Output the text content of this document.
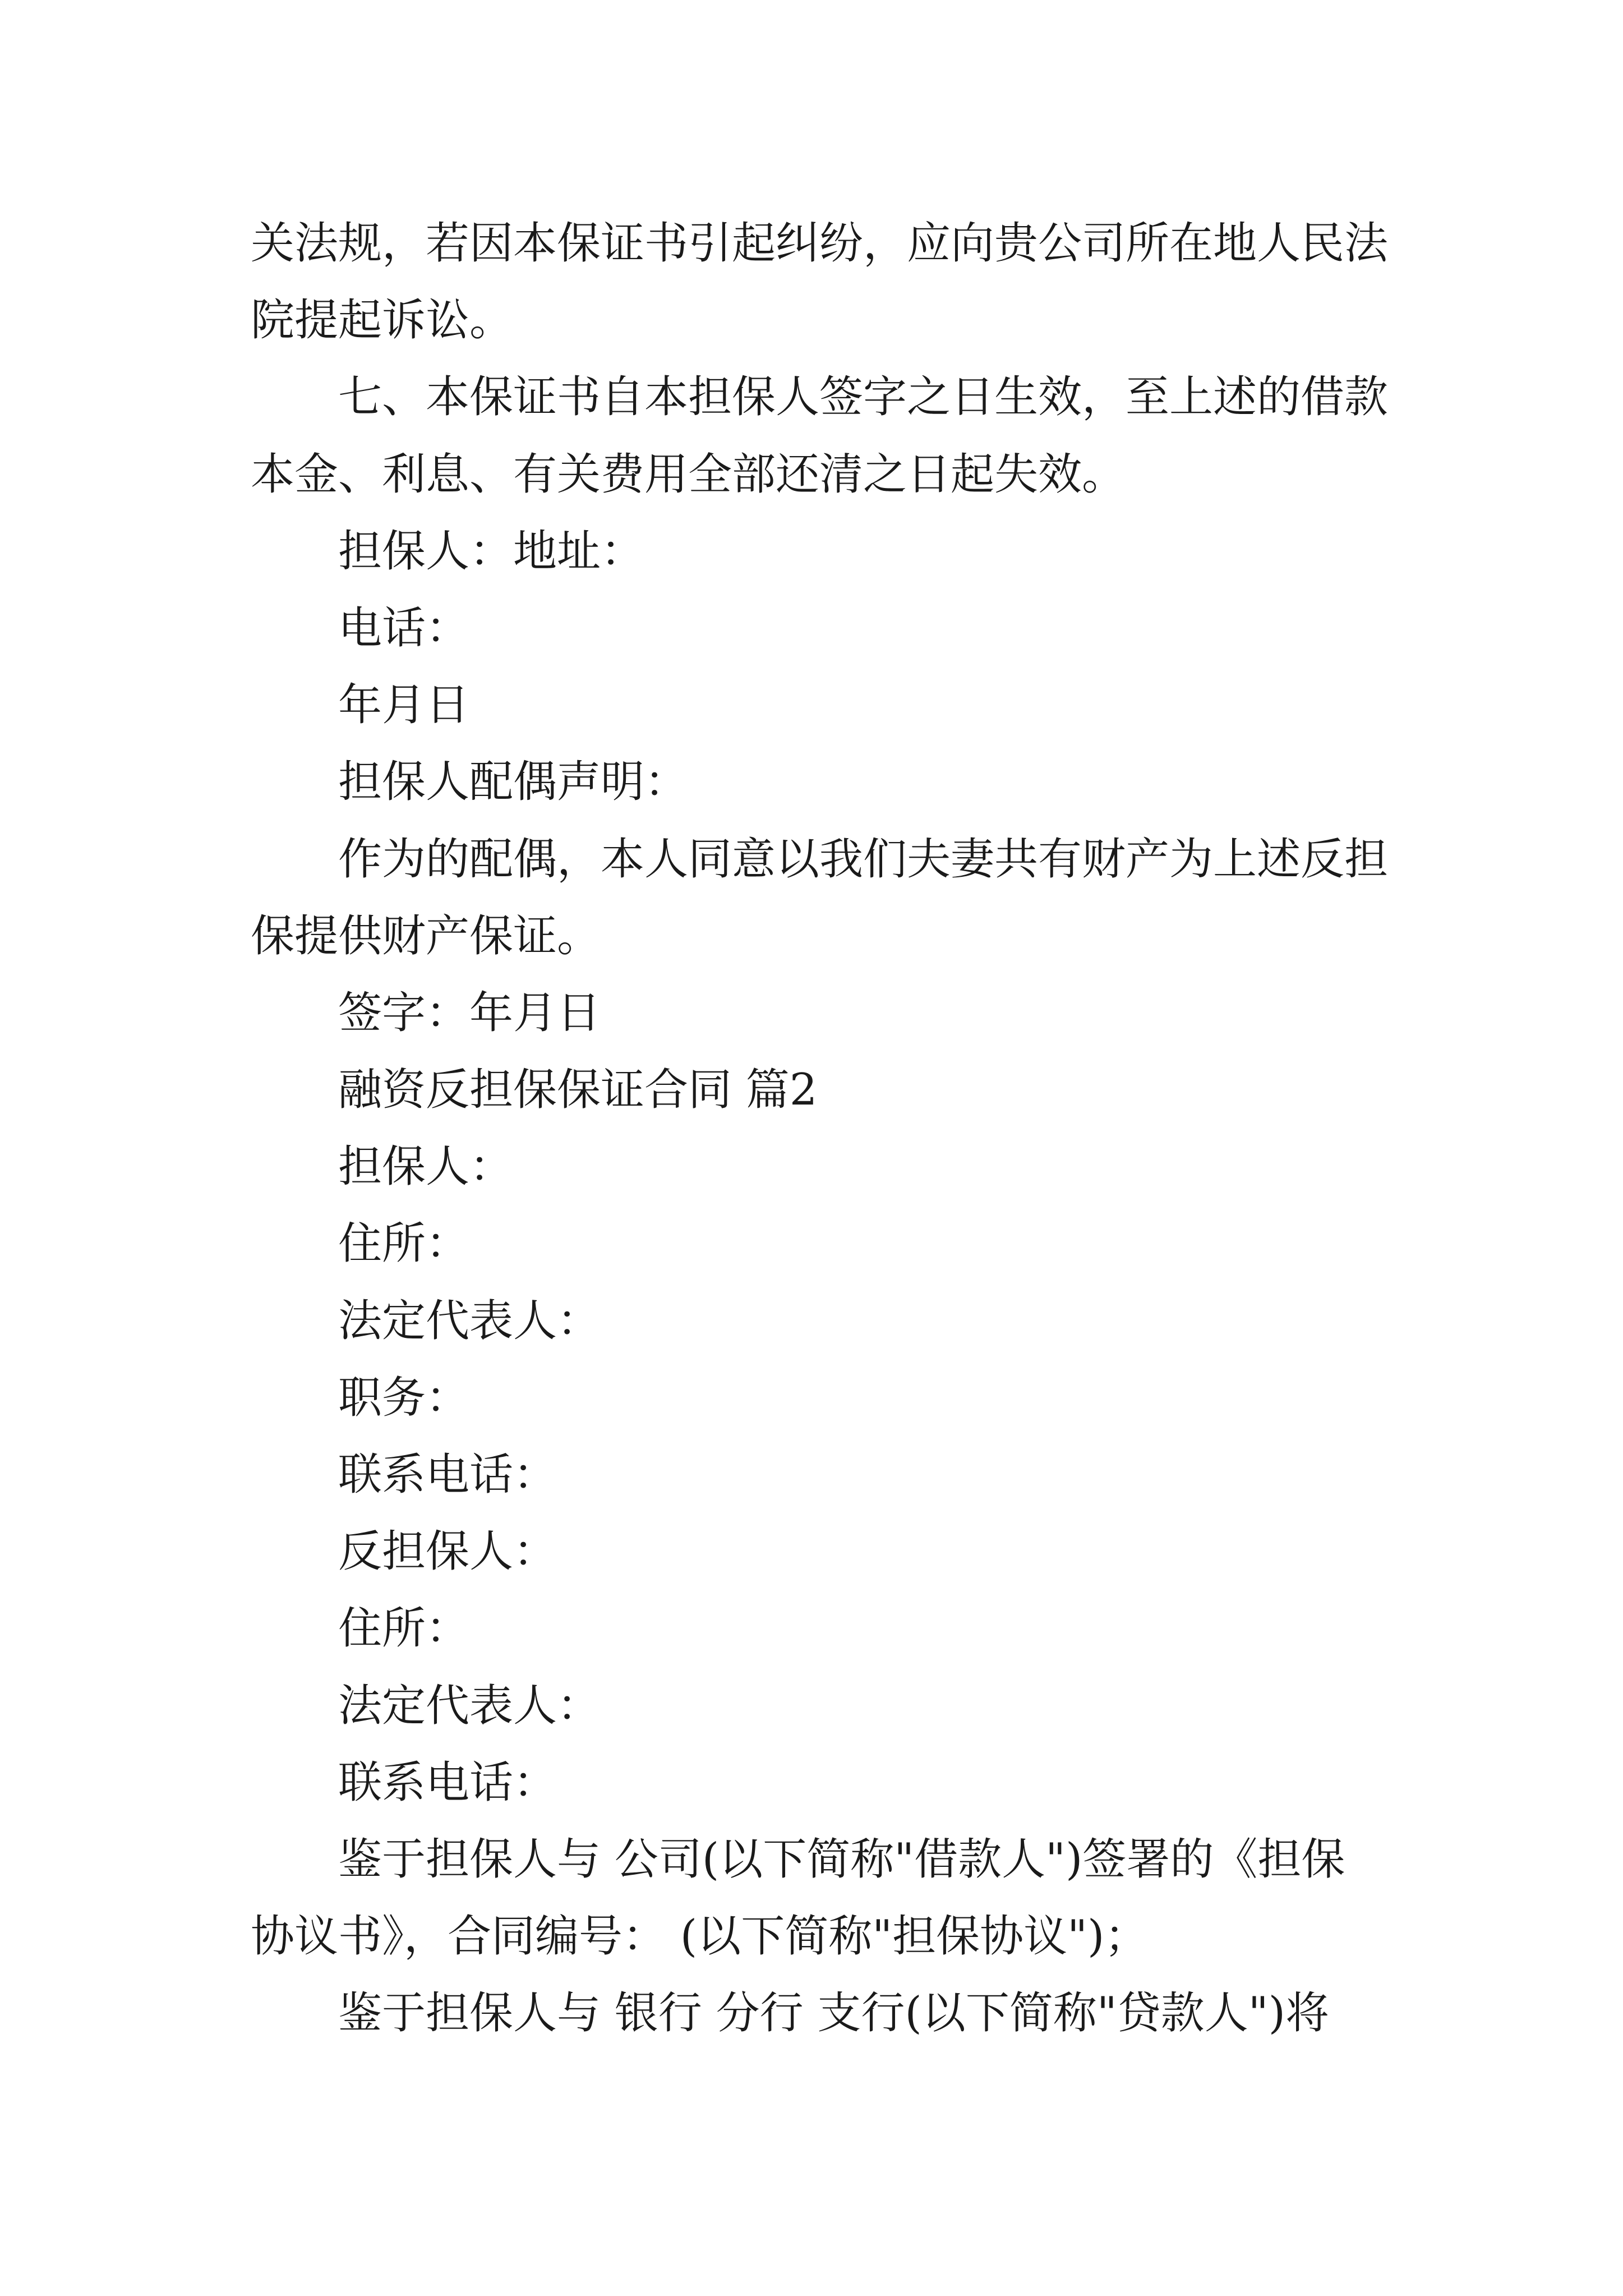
关法规，若因本保证书引起纠纷，应向贵公司所在地人民法
院提起诉讼。
七、本保证书自本担保人签字之日生效，至上述的借款
本金、利息、有关费用全部还清之日起失效。
担保人：地址：
电话：
年月日
担保人配偶声明：
作为的配偶，本人同意以我们夫妻共有财产为上述反担
保提供财产保证。
签字：年月日
融资反担保保证合同 篇2
担保人：
住所：
法定代表人：
职务：
联系电话：
反担保人：
住所：
法定代表人：
联系电话：
鉴于担保人与 公司(以下简称"借款人")签署的《担保
协议书》，合同编号： (以下简称"担保协议")；
鉴于担保人与 银行 分行 支行(以下简称"贷款人")将
